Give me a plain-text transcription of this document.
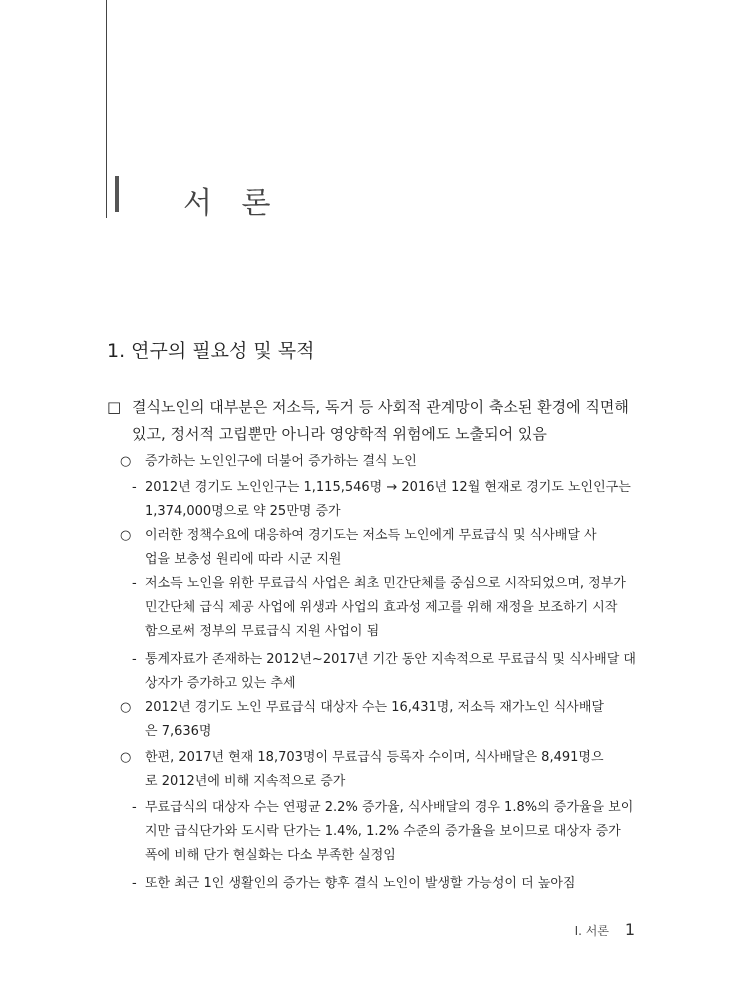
서 론
1. 연구의 필요성 및 목적
□ 결식노인의 대부분은 저소득, 독거 등 사회적 관계망이 축소된 환경에 직면해
있고, 정서적 고립뿐만 아니라 영양학적 위험에도 노출되어 있음
○ 증가하는 노인인구에 더불어 증가하는 결식 노인
- 2012년 경기도 노인인구는 1,115,546명 → 2016년 12월 현재로 경기도 노인인구는
1,374,000명으로 약 25만명 증가
○ 이러한 정책수요에 대응하여 경기도는 저소득 노인에게 무료급식 및 식사배달 사
업을 보충성 원리에 따라 시군 지원
- 저소득 노인을 위한 무료급식 사업은 최초 민간단체를 중심으로 시작되었으며, 정부가
민간단체 급식 제공 사업에 위생과 사업의 효과성 제고를 위해 재정을 보조하기 시작
함으로써 정부의 무료급식 지원 사업이 됨
- 통계자료가 존재하는 2012년~2017년 기간 동안 지속적으로 무료급식 및 식사배달 대
상자가 증가하고 있는 추세
○ 2012년 경기도 노인 무료급식 대상자 수는 16,431명, 저소득 재가노인 식사배달
은 7,636명
○ 한편, 2017년 현재 18,703명이 무료급식 등록자 수이며, 식사배달은 8,491명으
로 2012년에 비해 지속적으로 증가
- 무료급식의 대상자 수는 연평균 2.2% 증가율, 식사배달의 경우 1.8%의 증가율을 보이
지만 급식단가와 도시락 단가는 1.4%, 1.2% 수준의 증가율을 보이므로 대상자 증가
폭에 비해 단가 현실화는 다소 부족한 실정임
- 또한 최근 1인 생활인의 증가는 향후 결식 노인이 발생할 가능성이 더 높아짐
Ⅰ. 서론 1
